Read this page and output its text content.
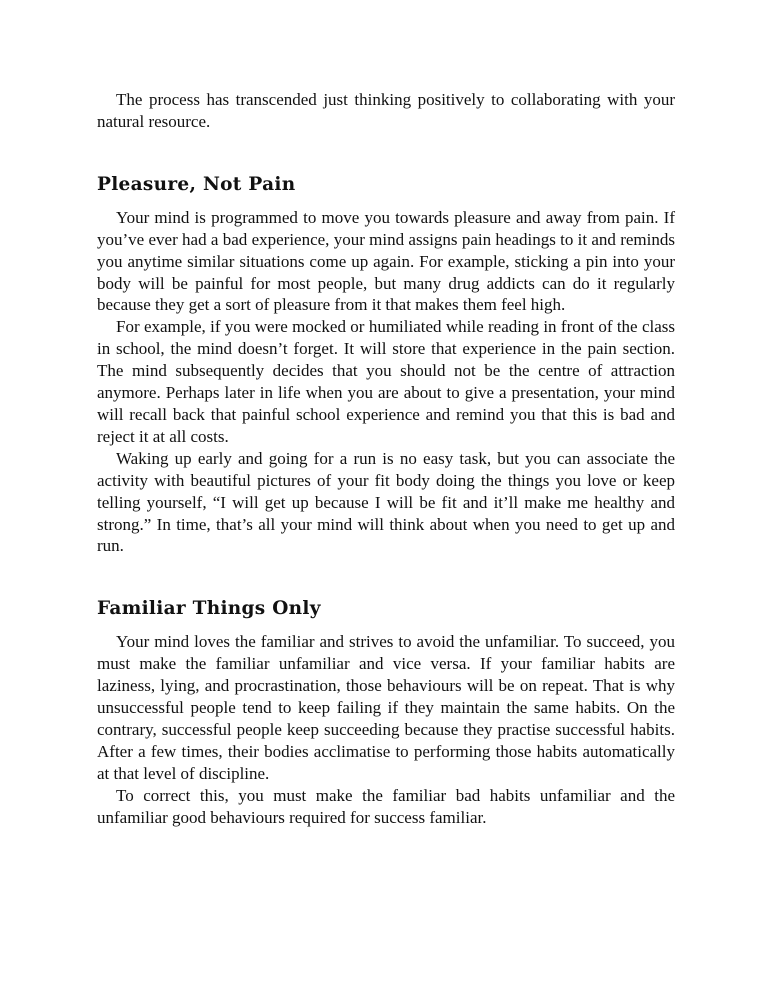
The process has transcended just thinking positively to collaborating with your natural resource.

Pleasure, Not Pain

Your mind is programmed to move you towards pleasure and away from pain. If you’ve ever had a bad experience, your mind assigns pain headings to it and reminds you anytime similar situations come up again. For example, sticking a pin into your body will be painful for most people, but many drug addicts can do it regularly because they get a sort of pleasure from it that makes them feel high.

For example, if you were mocked or humiliated while reading in front of the class in school, the mind doesn’t forget. It will store that experience in the pain section. The mind subsequently decides that you should not be the centre of attraction anymore. Perhaps later in life when you are about to give a presentation, your mind will recall back that painful school experience and remind you that this is bad and reject it at all costs.

Waking up early and going for a run is no easy task, but you can associate the activity with beautiful pictures of your fit body doing the things you love or keep telling yourself, “I will get up because I will be fit and it’ll make me healthy and strong.” In time, that’s all your mind will think about when you need to get up and run.

Familiar Things Only

Your mind loves the familiar and strives to avoid the unfamiliar. To succeed, you must make the familiar unfamiliar and vice versa. If your familiar habits are laziness, lying, and procrastination, those behaviours will be on repeat. That is why unsuccessful people tend to keep failing if they maintain the same habits. On the contrary, successful people keep succeeding because they practise successful habits. After a few times, their bodies acclimatise to performing those habits automatically at that level of discipline.

To correct this, you must make the familiar bad habits unfamiliar and the unfamiliar good behaviours required for success familiar.
